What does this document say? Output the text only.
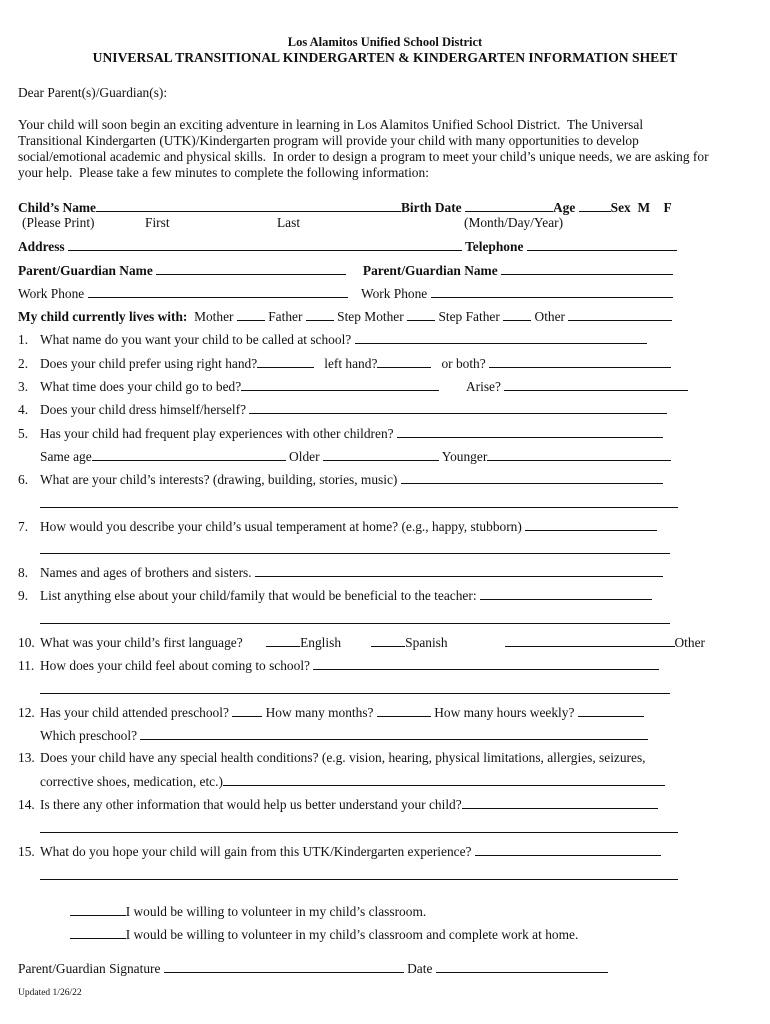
Los Alamitos Unified School District
UNIVERSAL TRANSITIONAL KINDERGARTEN & KINDERGARTEN INFORMATION SHEET
Dear Parent(s)/Guardian(s):
Your child will soon begin an exciting adventure in learning in Los Alamitos Unified School District.  The Universal
Transitional Kindergarten (UTK)/Kindergarten program will provide your child with many opportunities to develop
social/emotional academic and physical skills.  In order to design a program to meet your child’s unique needs, we are asking for
your help.  Please take a few minutes to complete the following information:
Child’s Name	Birth Date	Age	Sex M F
(Please Print)	First	Last	(Month/Day/Year)
Address	Telephone
Parent/Guardian Name	Parent/Guardian Name
Work Phone	Work Phone
My child currently lives with: Mother	Father	Step Mother	Step Father	Other
1. What name do you want your child to be called at school?
2. Does your child prefer using right hand?	left hand?	or both?
3. What time does your child go to bed?	Arise?
4. Does your child dress himself/herself?
5. Has your child had frequent play experiences with other children?
Same age	Older	Younger
6. What are your child’s interests? (drawing, building, stories, music)
7. How would you describe your child’s usual temperament at home? (e.g., happy, stubborn)
8. Names and ages of brothers and sisters.
9. List anything else about your child/family that would be beneficial to the teacher:
10. What was your child’s first language?	English	Spanish	Other
11. How does your child feel about coming to school?
12. Has your child attended preschool?	How many months?	How many hours weekly?
Which preschool?
13. Does your child have any special health conditions? (e.g. vision, hearing, physical limitations, allergies, seizures,
corrective shoes, medication, etc.)
14. Is there any other information that would help us better understand your child?
15. What do you hope your child will gain from this UTK/Kindergarten experience?

I would be willing to volunteer in my child’s classroom.

I would be willing to volunteer in my child’s classroom and complete work at home.

Parent/Guardian Signature	Date
Updated 1/26/22
